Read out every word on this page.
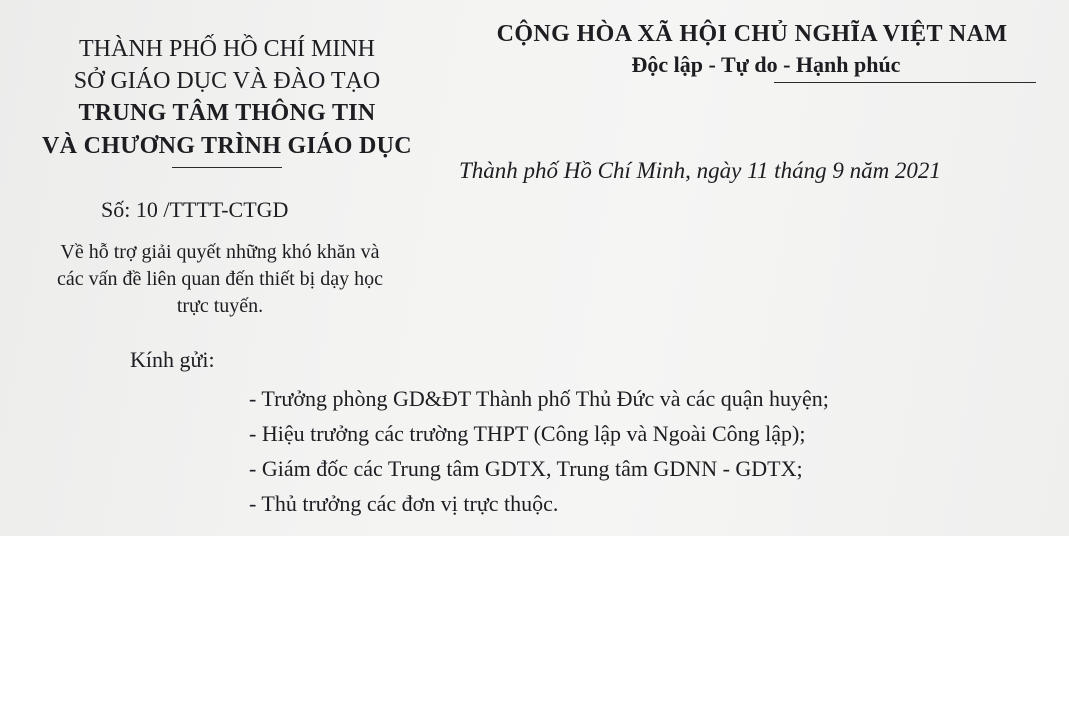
THÀNH PHỐ HỒ CHÍ MINH
SỞ GIÁO DỤC VÀ ĐÀO TẠO
TRUNG TÂM THÔNG TIN
VÀ CHƯƠNG TRÌNH GIÁO DỤC
CỘNG HÒA XÃ HỘI CHỦ NGHĨA VIỆT NAM
Độc lập - Tự do - Hạnh phúc
Thành phố Hồ Chí Minh, ngày 11 tháng 9 năm 2021
Số: 10 /TTTT-CTGD
Về hỗ trợ giải quyết những khó khăn và
các vấn đề liên quan đến thiết bị dạy học
trực tuyến.
Kính gửi:
- Trưởng phòng GD&ĐT Thành phố Thủ Đức và các quận huyện;
- Hiệu trưởng các trường THPT (Công lập và Ngoài Công lập);
- Giám đốc các Trung tâm GDTX, Trung tâm GDNN - GDTX;
- Thủ trưởng các đơn vị trực thuộc.
